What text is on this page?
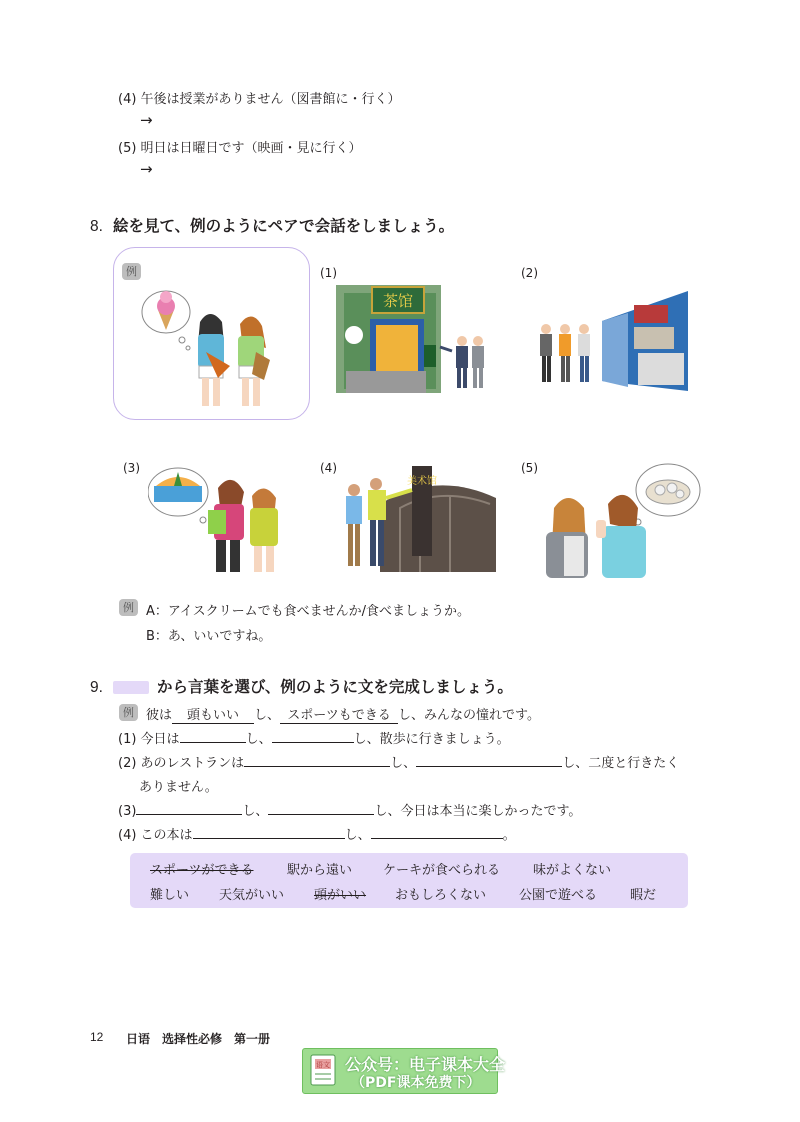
(4) 午後は授業がありません（図書館に・行く）
→
(5) 明日は日曜日です（映画・見に行く）
→
8. 絵を見て、例のようにペアで会話をしましょう。
例	(1)	(2)
(3)	(4)	(5)
茶馆
美术馆
例 A：アイスクリームでも食べませんか/食べましょうか。
B：あ、いいですね。
9.	から言葉を選び、例のように文を完成しましょう。
例 彼は 頭もいい し、 スポーツもできる し、みんなの憧れです。
(1) 今日は	し、	し、散歩に行きましょう。
(2) あのレストランは	し、	し、二度と行きたく
ありません。
(3)	し、	し、今日は本当に楽しかったです。
(4) この本は	し、	。
スポーツができる	駅から遠い ケーキが食べられる	味がよくない
難しい 天気がいい 頭がいい おもしろくない	公園で遊べる	暇だ
12 日语　选择性必修　第一册
语文 公众号：电子课本大全
（PDF课本免费下）
